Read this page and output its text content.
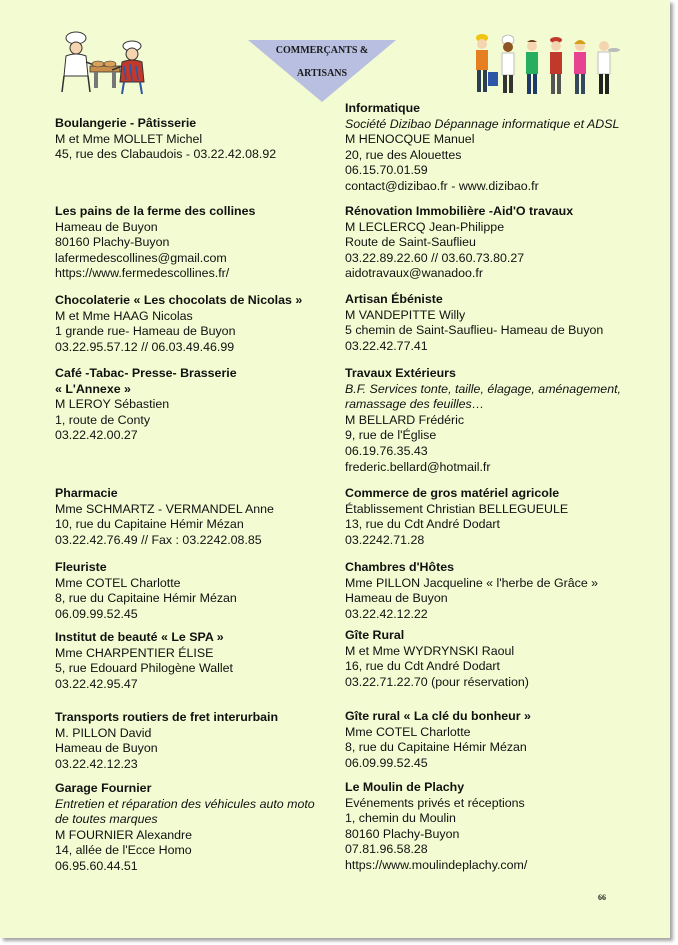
COMMERÇANTS &
ARTISANS
Boulangerie - Pâtisserie
M et Mme MOLLET Michel
45, rue des Clabaudois - 03.22.42.08.92
Les pains de la ferme des collines
Hameau de Buyon
80160 Plachy-Buyon
lafermedescollines@gmail.com
https://www.fermedescollines.fr/
Chocolaterie « Les chocolats de Nicolas »
M et Mme HAAG Nicolas
1 grande rue- Hameau de Buyon
03.22.95.57.12 // 06.03.49.46.99
Café -Tabac- Presse- Brasserie
« L'Annexe »
M LEROY Sébastien
1, route de Conty
03.22.42.00.27
Pharmacie
Mme SCHMARTZ - VERMANDEL Anne
10, rue du Capitaine Hémir Mézan
03.22.42.76.49 // Fax : 03.2242.08.85
Fleuriste
Mme COTEL Charlotte
8, rue du Capitaine Hémir Mézan
06.09.99.52.45
Institut de beauté « Le SPA »
Mme CHARPENTIER ÉLISE
5, rue Edouard Philogène Wallet
03.22.42.95.47
Transports routiers de fret interurbain
M. PILLON David
Hameau de Buyon
03.22.42.12.23
Garage Fournier
Entretien et réparation des véhicules auto moto
de toutes marques
M FOURNIER Alexandre
14, allée de l'Ecce Homo
06.95.60.44.51
Informatique
Société Dizibao Dépannage informatique et ADSL
M HENOCQUE Manuel
20, rue des Alouettes
06.15.70.01.59
contact@dizibao.fr - www.dizibao.fr
Rénovation Immobilière -Aid'O travaux
M LECLERCQ Jean-Philippe
Route de Saint-Sauflieu
03.22.89.22.60 // 03.60.73.80.27
aidotravaux@wanadoo.fr
Artisan Ébéniste
M VANDEPITTE Willy
5 chemin de Saint-Sauflieu- Hameau de Buyon
03.22.42.77.41
Travaux Extérieurs
B.F. Services tonte, taille, élagage, aménagement,
ramassage des feuilles…
M BELLARD Frédéric
9, rue de l'Église
06.19.76.35.43
frederic.bellard@hotmail.fr
Commerce de gros matériel agricole
Établissement Christian BELLEGUEULE
13, rue du Cdt André Dodart
03.2242.71.28
Chambres d'Hôtes
Mme PILLON Jacqueline « l'herbe de Grâce »
Hameau de Buyon
03.22.42.12.22
Gîte Rural
M et Mme WYDRYNSKI Raoul
16, rue du Cdt André Dodart
03.22.71.22.70 (pour réservation)
Gîte rural « La clé du bonheur »
Mme COTEL Charlotte
8, rue du Capitaine Hémir Mézan
06.09.99.52.45
Le Moulin de Plachy
Evénements privés et réceptions
1, chemin du Moulin
80160 Plachy-Buyon
07.81.96.58.28
https://www.moulindeplachy.com/
66
